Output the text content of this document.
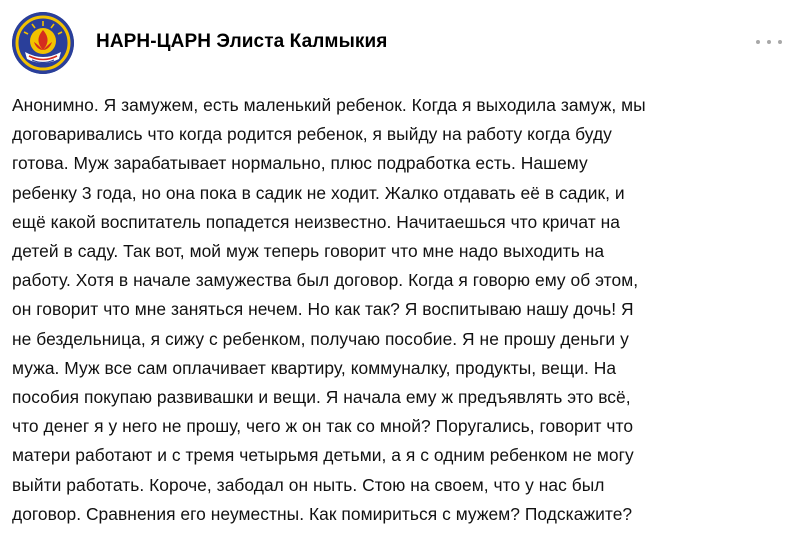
НАРН-ЦАРН Элиста Калмыкия
Анонимно. Я замужем, есть маленький ребенок. Когда я выходила замуж, мы
договаривались что когда родится ребенок, я выйду на работу когда буду
готова. Муж зарабатывает нормально, плюс подработка есть. Нашему
ребенку 3 года, но она пока в садик не ходит. Жалко отдавать её в садик, и
ещё какой воспитатель попадется неизвестно. Начитаешься что кричат на
детей в саду. Так вот, мой муж теперь говорит что мне надо выходить на
работу. Хотя в начале замужества был договор. Когда я говорю ему об этом,
он говорит что мне заняться нечем. Но как так? Я воспитываю нашу дочь! Я
не бездельница, я сижу с ребенком, получаю пособие. Я не прошу деньги у
мужа. Муж все сам оплачивает квартиру, коммуналку, продукты, вещи. На
пособия покупаю развивашки и вещи. Я начала ему ж предъявлять это всё,
что денег я у него не прошу, чего ж он так со мной? Поругались, говорит что
матери работают и с тремя четырьмя детьми, а я с одним ребенком не могу
выйти работать. Короче, забодал он ныть. Стою на своем, что у нас был
договор. Сравнения его неуместны. Как помириться с мужем? Подскажите?
